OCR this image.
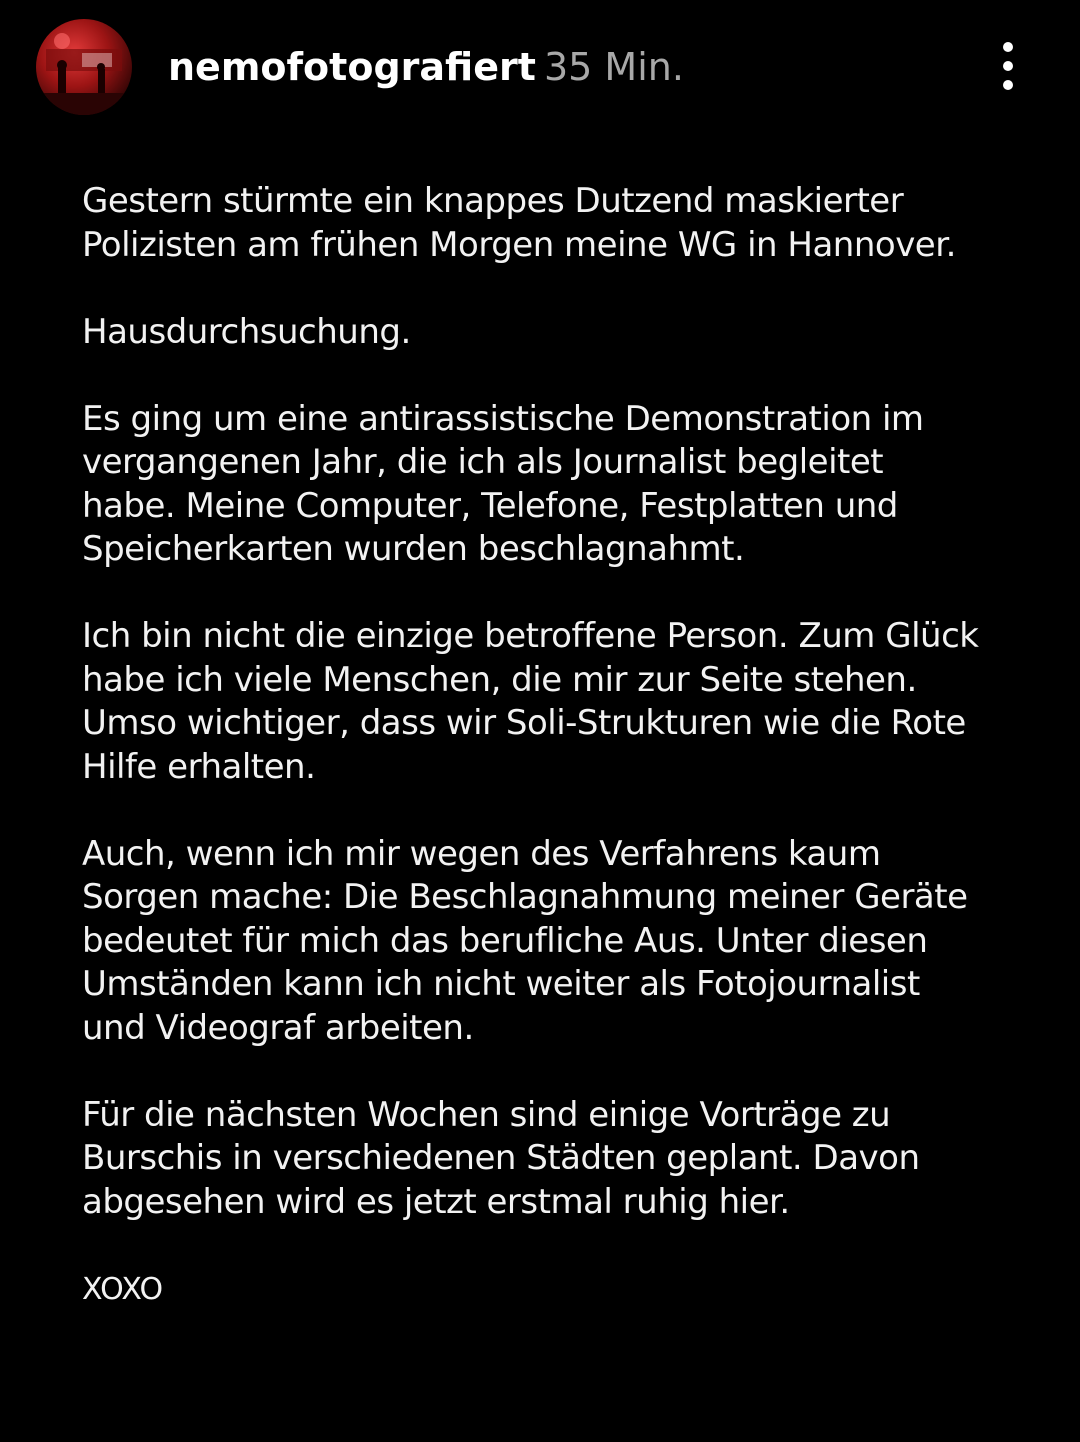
nemofotografiert 35 Min.

Gestern stürmte ein knappes Dutzend maskierter Polizisten am frühen Morgen meine WG in Hannover.

Hausdurchsuchung.

Es ging um eine antirassistische Demonstration im vergangenen Jahr, die ich als Journalist begleitet habe. Meine Computer, Telefone, Festplatten und Speicherkarten wurden beschlagnahmt.

Ich bin nicht die einzige betroffene Person. Zum Glück habe ich viele Menschen, die mir zur Seite stehen. Umso wichtiger, dass wir Soli-Strukturen wie die Rote Hilfe erhalten.

Auch, wenn ich mir wegen des Verfahrens kaum Sorgen mache: Die Beschlagnahmung meiner Geräte bedeutet für mich das berufliche Aus. Unter diesen Umständen kann ich nicht weiter als Fotojournalist und Videograf arbeiten.

Für die nächsten Wochen sind einige Vorträge zu Burschis in verschiedenen Städten geplant. Davon abgesehen wird es jetzt erstmal ruhig hier.

XOXO
